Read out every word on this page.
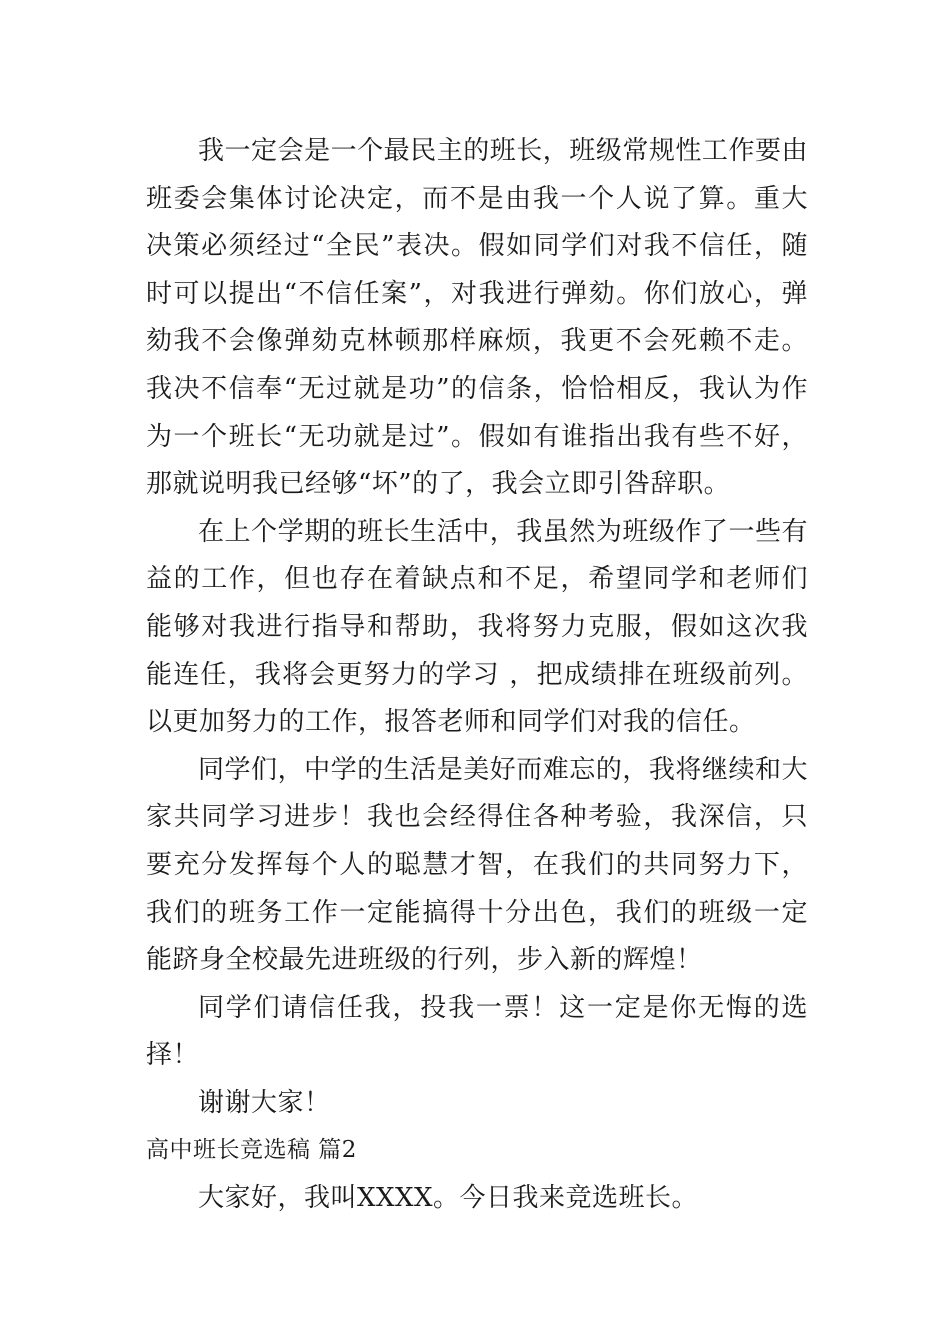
我一定会是一个最民主的班长，班级常规性工作要由班委会集体讨论决定，而不是由我一个人说了算。重大决策必须经过“全民”表决。假如同学们对我不信任，随时可以提出“不信任案”，对我进行弹劾。你们放心，弹劾我不会像弹劾克林顿那样麻烦，我更不会死赖不走。我决不信奉“无过就是功”的信条，恰恰相反，我认为作为一个班长“无功就是过”。假如有谁指出我有些不好，那就说明我已经够“坏”的了，我会立即引咎辞职。

在上个学期的班长生活中，我虽然为班级作了一些有益的工作，但也存在着缺点和不足，希望同学和老师们能够对我进行指导和帮助，我将努力克服，假如这次我能连任，我将会更努力的学习 ，把成绩排在班级前列。以更加努力的工作，报答老师和同学们对我的信任。

同学们，中学的生活是美好而难忘的，我将继续和大家共同学习进步！我也会经得住各种考验，我深信，只要充分发挥每个人的聪慧才智，在我们的共同努力下，我们的班务工作一定能搞得十分出色，我们的班级一定能跻身全校最先进班级的行列，步入新的辉煌！

同学们请信任我，投我一票！这一定是你无悔的选择！

谢谢大家！

高中班长竞选稿 篇2

大家好，我叫XXXX。今日我来竞选班长。
